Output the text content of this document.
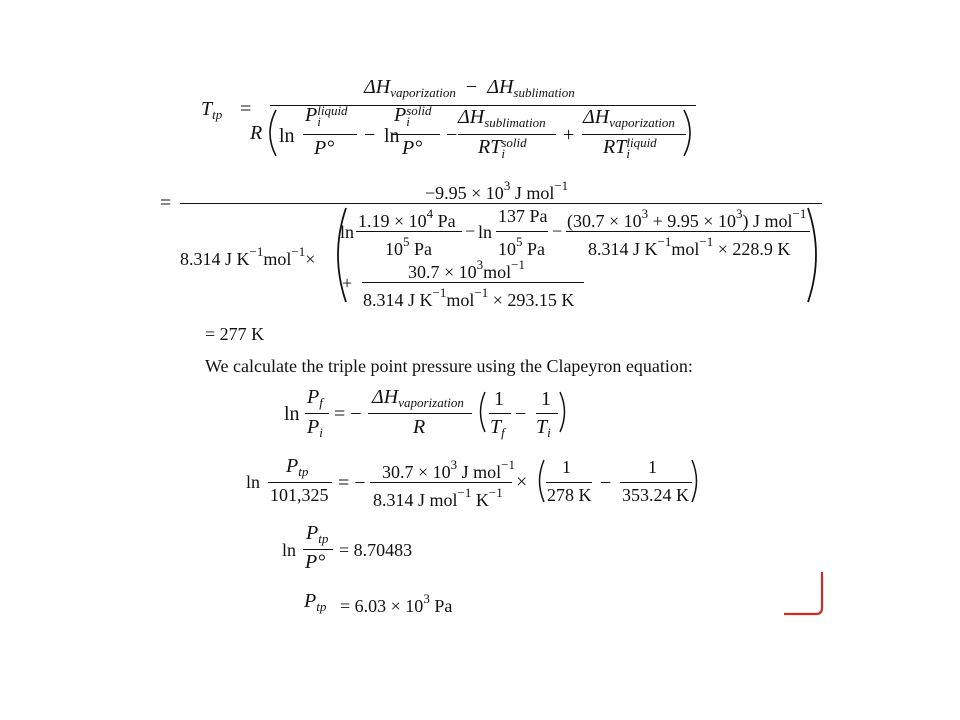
$T_{tp}$ =
$\Delta H_{vaporization} - \Delta H_{sublimation}$
R ln
Pliquid
i
P°
− ln
Psolid
i
P°
−
$\Delta H_{sublimation}$
RTsolid
i
+
$\Delta H_{vaporization}$
RTliquid
i
=	$-9.95 \times 10^3$ J mol$^{-1}$
8.314 J $K^{-1}mol^{-1}\times$
ln
$1.19 \times 10^4$ Pa
$10^5$ Pa
− ln
137 Pa
$10^5$ Pa
− $(30.7 \times 10^3 + 9.95 \times 10^3)$ J mol$^{-1}$
8.314 J $K^{-1}mol^{-1} \times 228.9$ K
+
$30.7 \times 10^3mol^{-1}$
8.314 J $K^{-1}mol^{-1} \times 293.15$ K
= 277 K
We calculate the triple point pressure using the Clapeyron equation:
ln
$P_f$
$P_i$
= −
$\Delta H_{vaporization}$
R
1
$T_f$
−
1
$T_i$
ln
$P_{tp}$
101,325
= − $30.7 \times 10^3$ J mol$^{-1}$
8.314 J mol$^{-1}$ $K^{-1}$ ×
1
278 K
−
1
353.24 K
ln
$P_{tp}$
P°
= 8.70483
$P_{tp} = 6.03 \times 10^3$ Pa
